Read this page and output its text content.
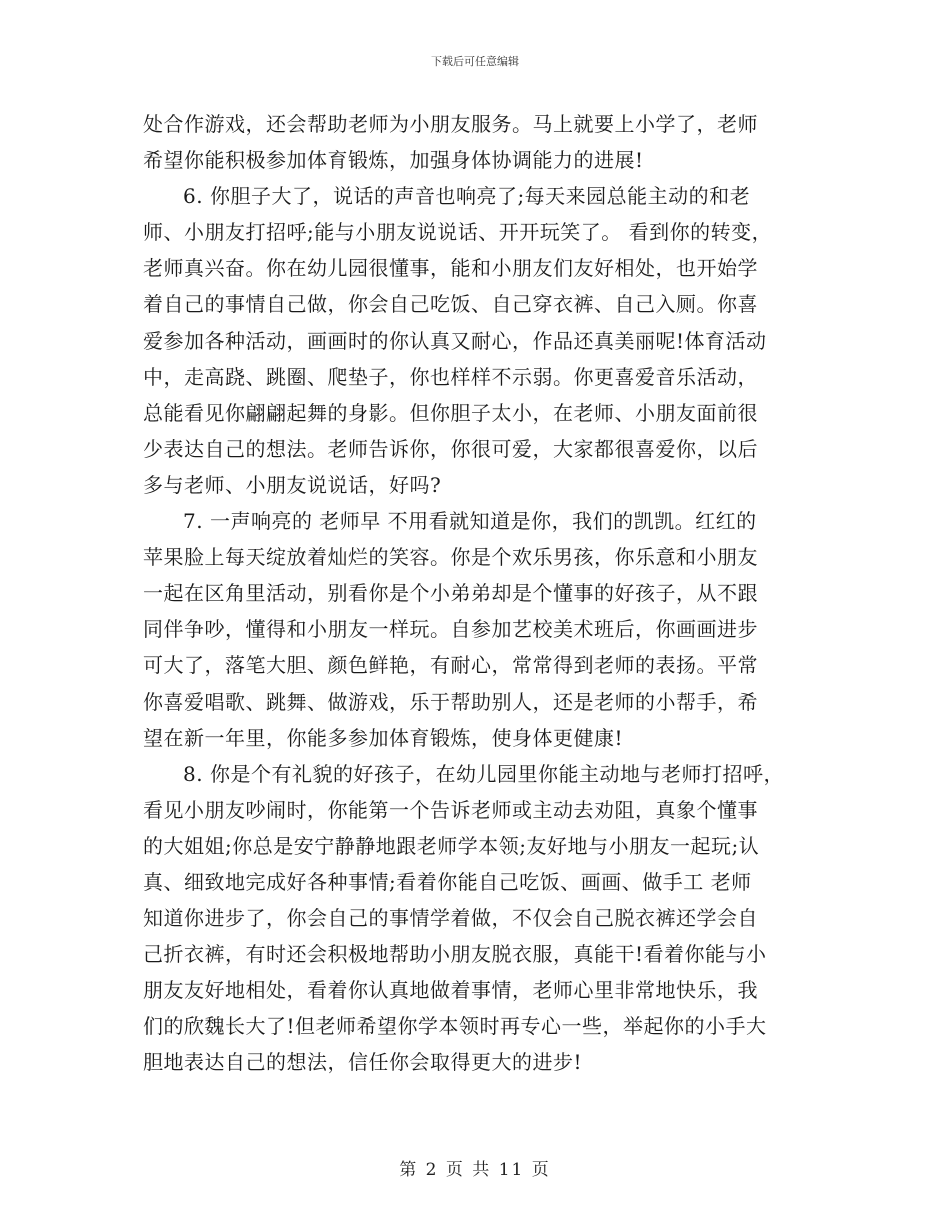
下载后可任意编辑
处合作游戏，还会帮助老师为小朋友服务。马上就要上小学了，老师
希望你能积极参加体育锻炼，加强身体协调能力的进展!
6. 你胆子大了，说话的声音也响亮了;每天来园总能主动的和老
师、小朋友打招呼;能与小朋友说说话、开开玩笑了。 看到你的转变，
老师真兴奋。你在幼儿园很懂事，能和小朋友们友好相处，也开始学
着自己的事情自己做，你会自己吃饭、自己穿衣裤、自己入厕。你喜
爱参加各种活动，画画时的你认真又耐心，作品还真美丽呢!体育活动
中，走高跷、跳圈、爬垫子，你也样样不示弱。你更喜爱音乐活动，
总能看见你翩翩起舞的身影。但你胆子太小，在老师、小朋友面前很
少表达自己的想法。老师告诉你，你很可爱，大家都很喜爱你，以后
多与老师、小朋友说说话，好吗?
7. 一声响亮的 老师早 不用看就知道是你，我们的凯凯。红红的
苹果脸上每天绽放着灿烂的笑容。你是个欢乐男孩，你乐意和小朋友
一起在区角里活动，别看你是个小弟弟却是个懂事的好孩子，从不跟
同伴争吵，懂得和小朋友一样玩。自参加艺校美术班后，你画画进步
可大了，落笔大胆、颜色鲜艳，有耐心，常常得到老师的表扬。平常
你喜爱唱歌、跳舞、做游戏，乐于帮助别人，还是老师的小帮手，希
望在新一年里，你能多参加体育锻炼，使身体更健康!
8. 你是个有礼貌的好孩子，在幼儿园里你能主动地与老师打招呼，
看见小朋友吵闹时，你能第一个告诉老师或主动去劝阻，真象个懂事
的大姐姐;你总是安宁静静地跟老师学本领;友好地与小朋友一起玩;认
真、细致地完成好各种事情;看着你能自己吃饭、画画、做手工 老师
知道你进步了，你会自己的事情学着做，不仅会自己脱衣裤还学会自
己折衣裤，有时还会积极地帮助小朋友脱衣服，真能干!看着你能与小
朋友友好地相处，看着你认真地做着事情，老师心里非常地快乐，我
们的欣魏长大了!但老师希望你学本领时再专心一些，举起你的小手大
胆地表达自己的想法，信任你会取得更大的进步!
第 2 页 共 11 页
